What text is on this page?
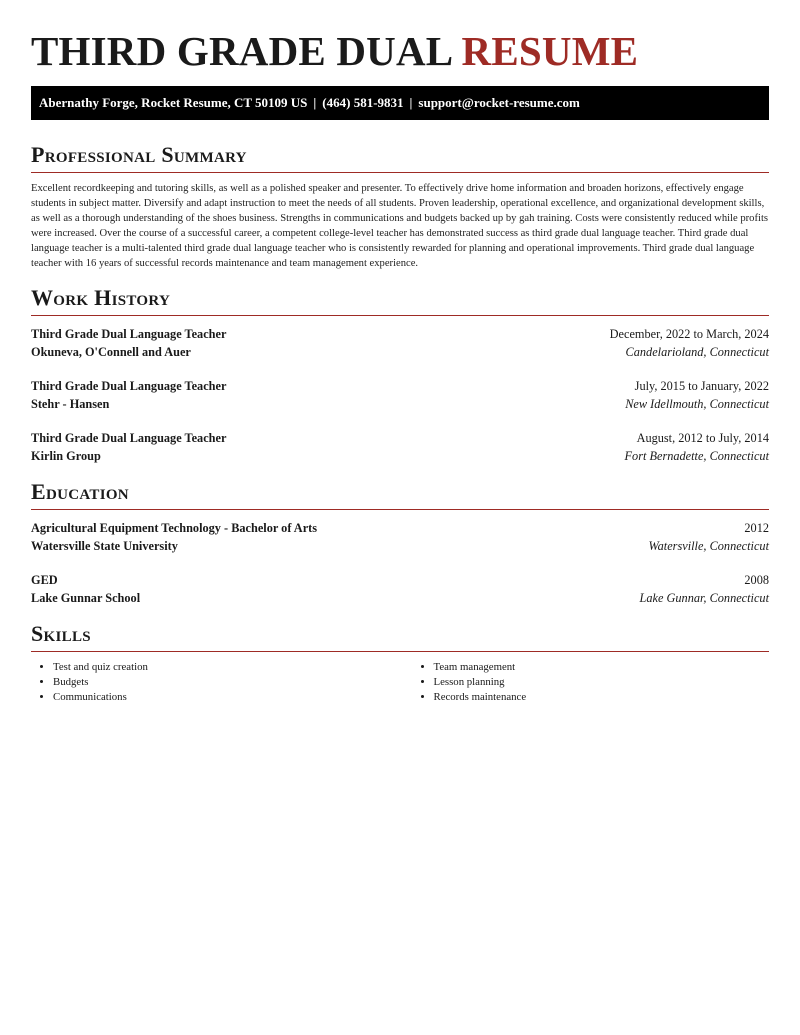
THIRD GRADE DUAL RESUME
Abernathy Forge, Rocket Resume, CT 50109 US | (464) 581-9831 | support@rocket-resume.com
Professional Summary

Excellent recordkeeping and tutoring skills, as well as a polished speaker and presenter. To effectively drive home information and broaden horizons, effectively engage students in subject matter. Diversify and adapt instruction to meet the needs of all students. Proven leadership, operational excellence, and organizational development skills, as well as a thorough understanding of the shoes business. Strengths in communications and budgets backed up by gah training. Costs were consistently reduced while profits were increased. Over the course of a successful career, a competent college-level teacher has demonstrated success as third grade dual language teacher. Third grade dual language teacher is a multi-talented third grade dual language teacher who is consistently rewarded for planning and operational improvements. Third grade dual language teacher with 16 years of successful records maintenance and team management experience.

Work History
Third Grade Dual Language Teacher	December, 2022 to March, 2024
Okuneva, O'Connell and Auer	Candelarioland, Connecticut
Third Grade Dual Language Teacher	July, 2015 to January, 2022
Stehr - Hansen	New Idellmouth, Connecticut
Third Grade Dual Language Teacher	August, 2012 to July, 2014
Kirlin Group	Fort Bernadette, Connecticut
Education
Agricultural Equipment Technology - Bachelor of Arts	2012
Watersville State University	Watersville, Connecticut
GED	2008
Lake Gunnar School	Lake Gunnar, Connecticut
Skills
• Test and quiz creation
• Budgets
• Communications
• Team management
• Lesson planning
• Records maintenance
